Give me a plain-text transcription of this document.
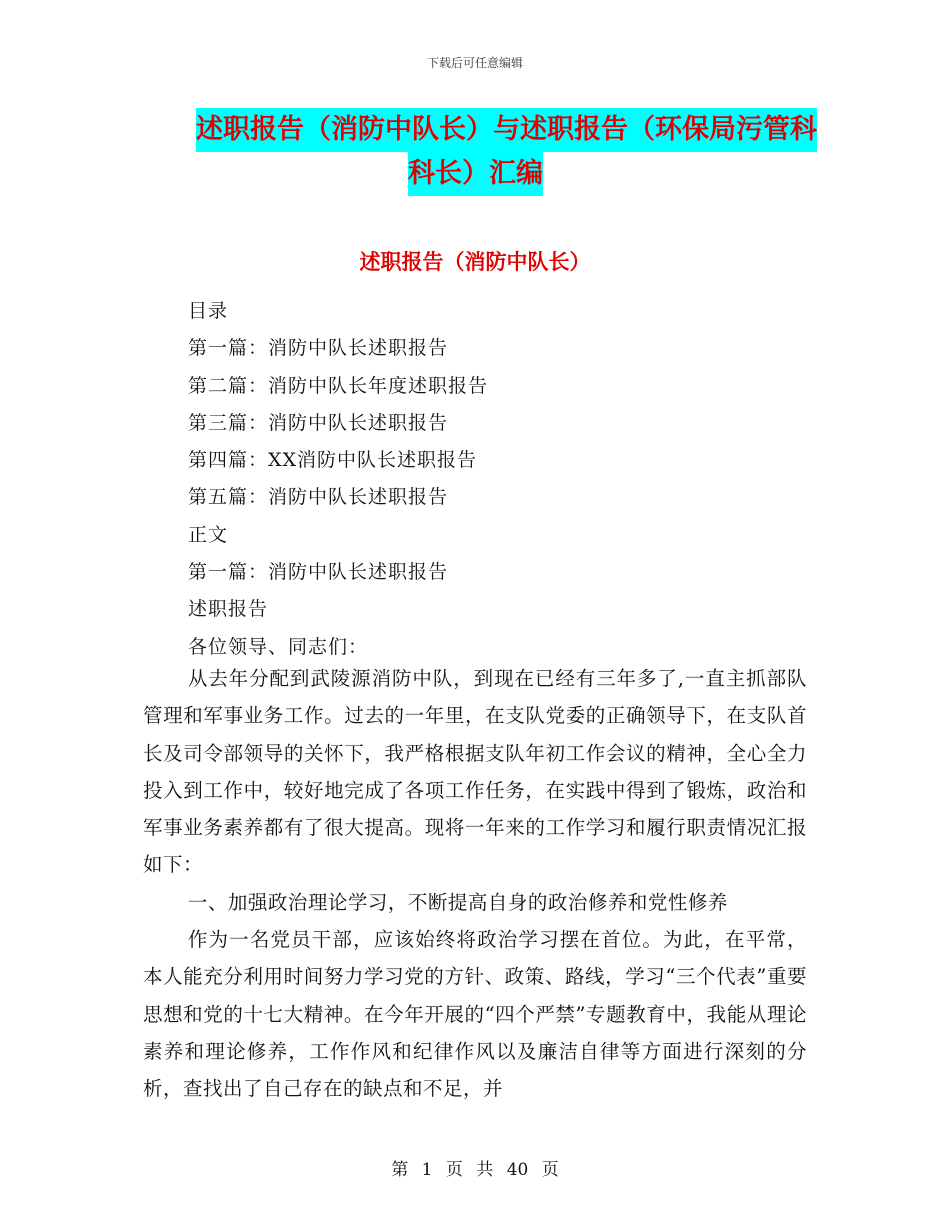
下载后可任意编辑
述职报告（消防中队长）与述职报告（环保局污管科
科长）汇编
述职报告（消防中队长）
目录
第一篇：消防中队长述职报告
第二篇：消防中队长年度述职报告
第三篇：消防中队长述职报告
第四篇：XX消防中队长述职报告
第五篇：消防中队长述职报告
正文
第一篇：消防中队长述职报告
述职报告
各位领导、同志们：

从去年分配到武陵源消防中队，到现在已经有三年多了,一直主抓部队管理和军事业务工作。过去的一年里，在支队党委的正确领导下，在支队首长及司令部领导的关怀下，我严格根据支队年初工作会议的精神，全心全力投入到工作中，较好地完成了各项工作任务，在实践中得到了锻炼，政治和军事业务素养都有了很大提高。现将一年来的工作学习和履行职责情况汇报如下：

一、加强政治理论学习，不断提高自身的政治修养和党性修养

作为一名党员干部，应该始终将政治学习摆在首位。为此，在平常，本人能充分利用时间努力学习党的方针、政策、路线，学习“三个代表”重要思想和党的十七大精神。在今年开展的“四个严禁”专题教育中，我能从理论素养和理论修养，工作作风和纪律作风以及廉洁自律等方面进行深刻的分析，查找出了自己存在的缺点和不足，并

第 1 页 共 40 页
